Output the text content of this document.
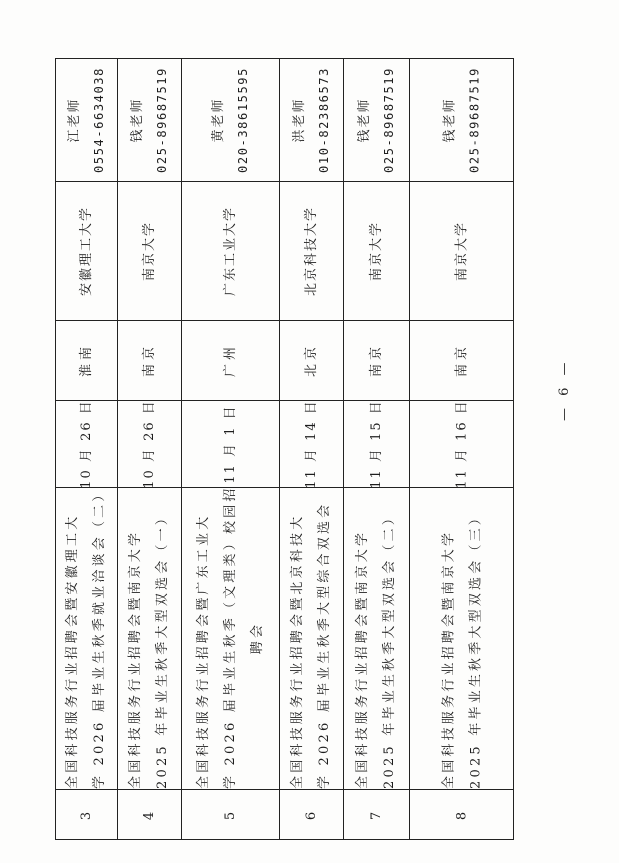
江老师 0554-6634038
安徽理工大学
淮南
10 月 26 日
全国科技服务行业招聘会暨安徽理工大 学 2026 届毕业生秋季就业洽谈会（二）
3
钱老师 025-89687519
南京大学
南京
10 月 26 日
全国科技服务行业招聘会暨南京大学 2025 年毕业生秋季大型双选会（一）
4
黄老师 020-38615595
广东工业大学
广州
11 月 1 日
全国科技服务行业招聘会暨广东工业大 学 2026 届毕业生秋季（文理类）校园招 聘会
5
洪老师 010-82386573
北京科技大学
北京
11 月 14 日
全国科技服务行业招聘会暨北京科技大 学 2026 届毕业生秋季大型综合双选会
6
钱老师 025-89687519
南京大学
南京
11 月 15 日
全国科技服务行业招聘会暨南京大学 2025 年毕业生秋季大型双选会（二）
7
钱老师 025-89687519
南京大学
南京
11 月 16 日
全国科技服务行业招聘会暨南京大学 2025 年毕业生秋季大型双选会（三）
8
— 6 —
